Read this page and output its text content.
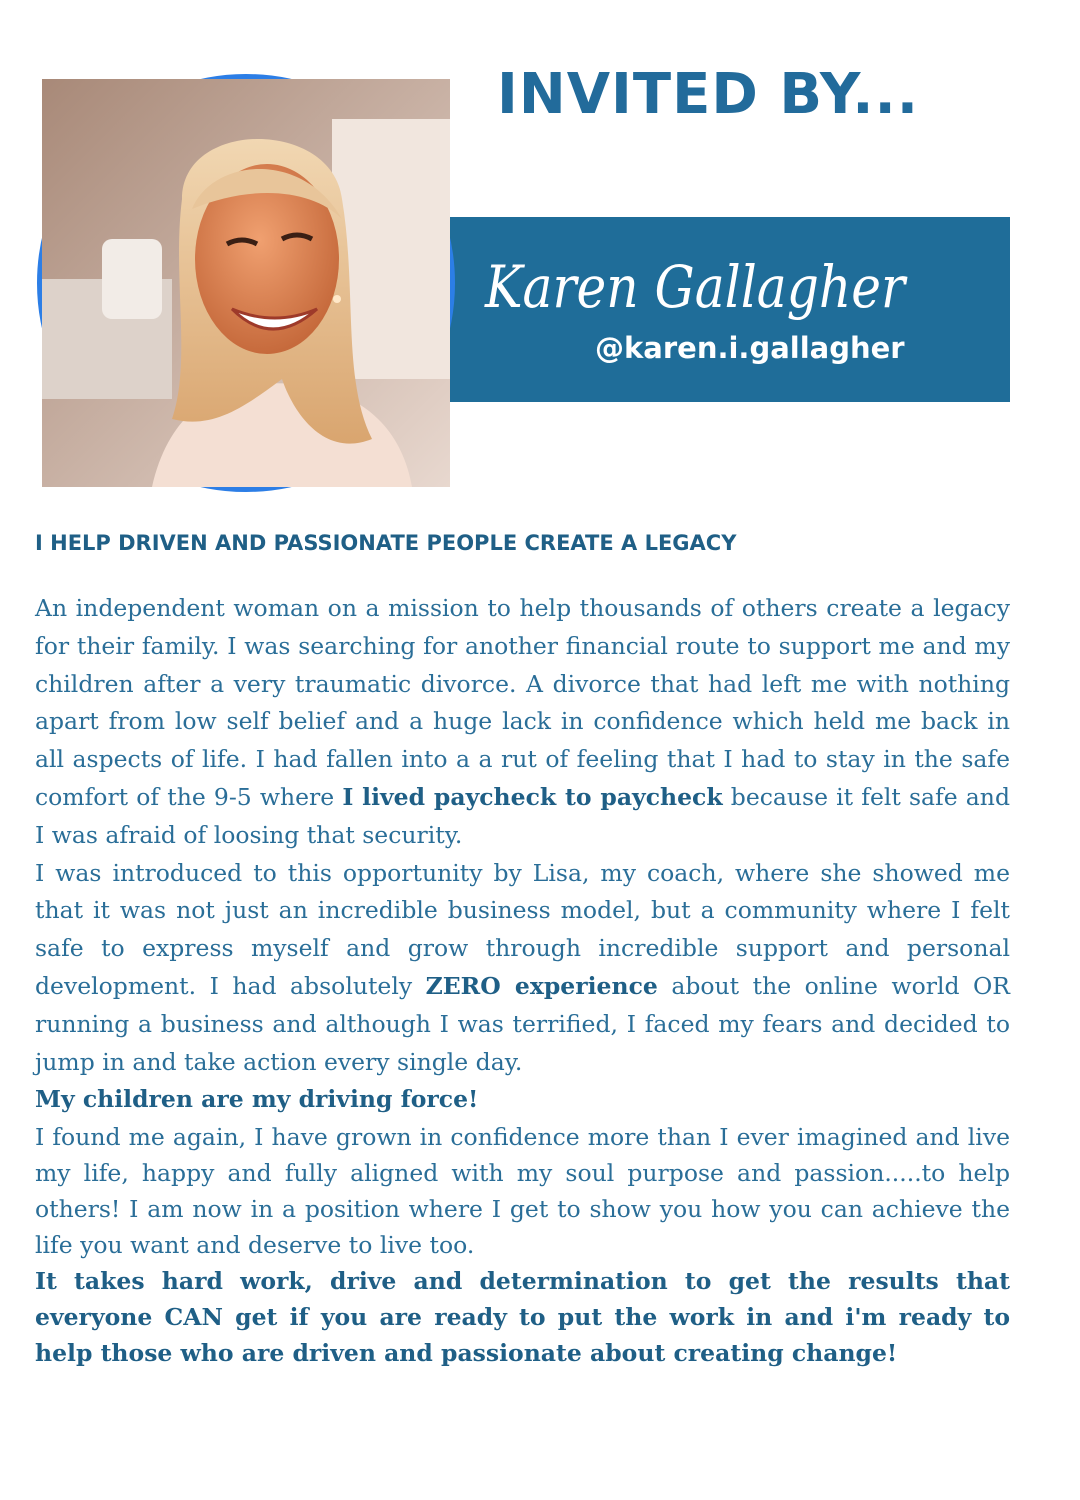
INVITED BY...
Karen Gallagher
@karen.i.gallagher
I HELP DRIVEN AND PASSIONATE PEOPLE CREATE A LEGACY

An independent woman on a mission to help thousands of others create a legacy for their family. I was searching for another financial route to support me and my children after a very traumatic divorce. A divorce that had left me with nothing apart from low self belief and a huge lack in confidence which held me back in all aspects of life. I had fallen into a a rut of feeling that I had to stay in the safe comfort of the 9-5 where I lived paycheck to paycheck because it felt safe and I was afraid of loosing that security.

I was introduced to this opportunity by Lisa, my coach, where she showed me that it was not just an incredible business model, but a community where I felt safe to express myself and grow through incredible support and personal development. I had absolutely ZERO experience about the online world OR running a business and although I was terrified, I faced my fears and decided to jump in and take action every single day.

My children are my driving force!

I found me again, I have grown in confidence more than I ever imagined and live my life, happy and fully aligned with my soul purpose and passion.....to help others! I am now in a position where I get to show you how you can achieve the life you want and deserve to live too.

It takes hard work, drive and determination to get the results that everyone CAN get if you are ready to put the work in and i'm ready to help those who are driven and passionate about creating change!
